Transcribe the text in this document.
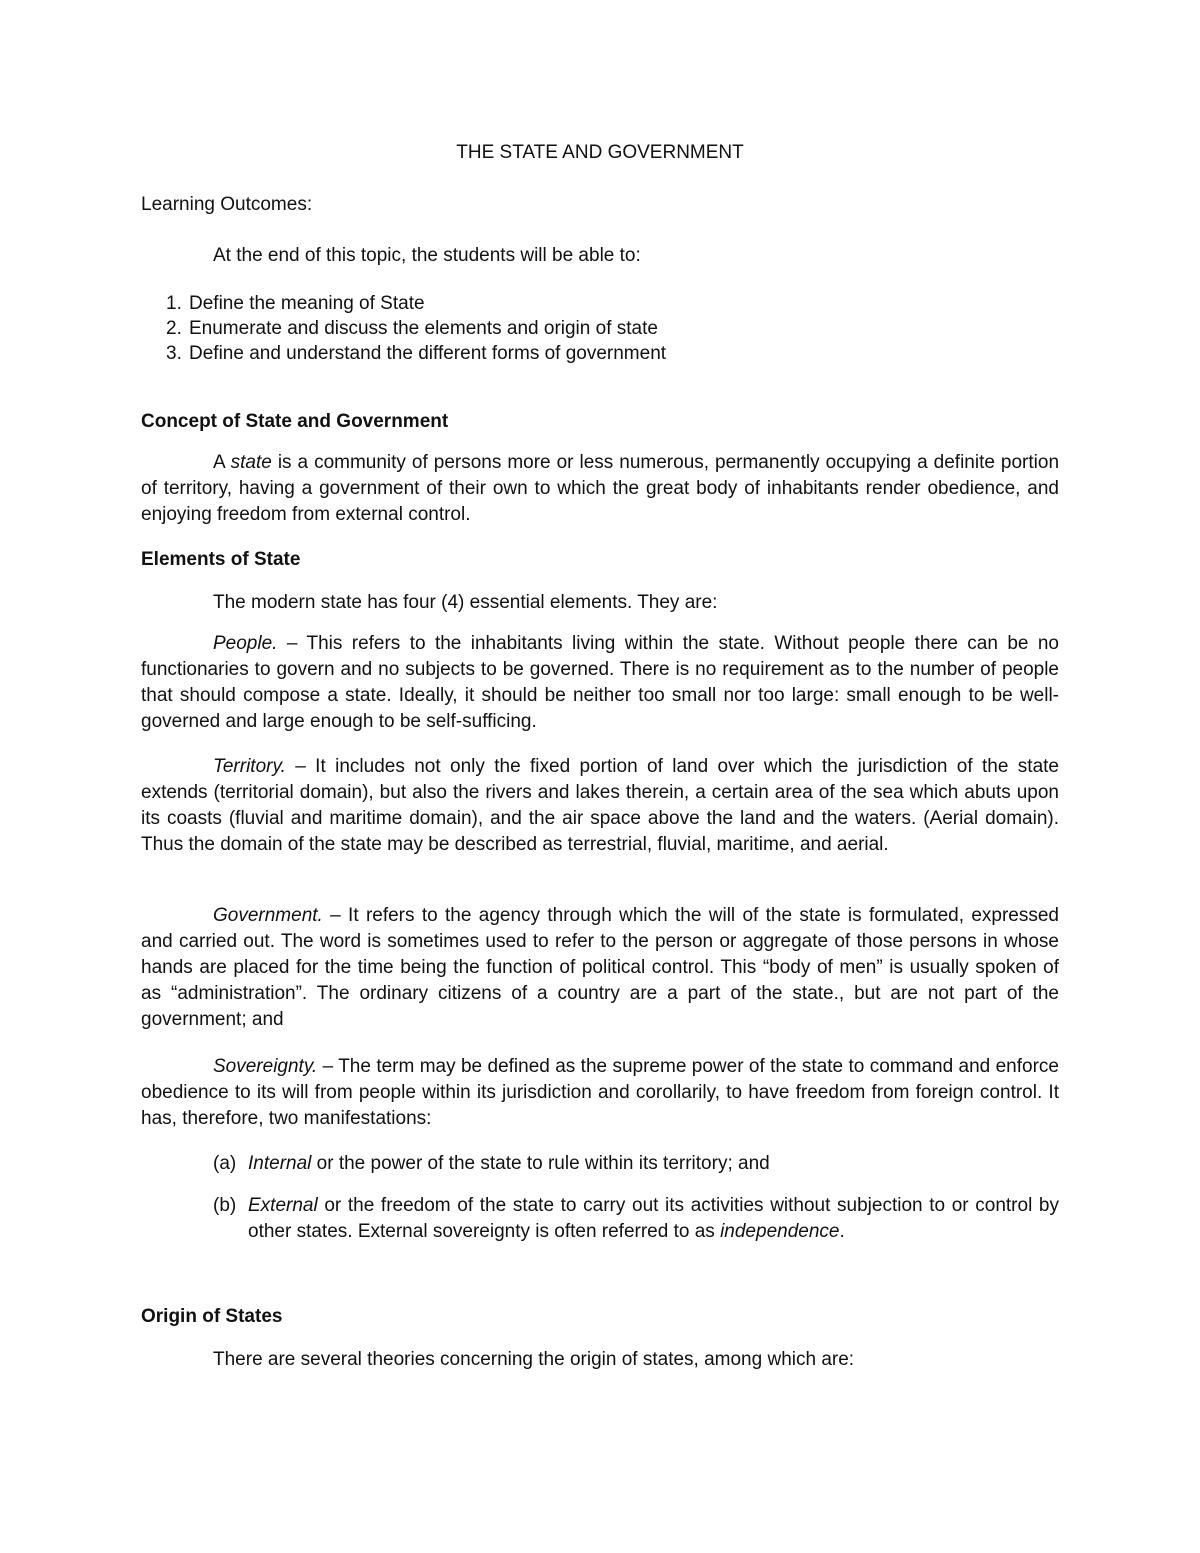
THE STATE AND GOVERNMENT
Learning Outcomes:
At the end of this topic, the students will be able to:
1. Define the meaning of State
2. Enumerate and discuss the elements and origin of state
3. Define and understand the different forms of government
Concept of State and Government
A state is a community of persons more or less numerous, permanently occupying a definite portion of territory, having a government of their own to which the great body of inhabitants render obedience, and enjoying freedom from external control.
Elements of State
The modern state has four (4) essential elements. They are:
People. – This refers to the inhabitants living within the state. Without people there can be no functionaries to govern and no subjects to be governed. There is no requirement as to the number of people that should compose a state. Ideally, it should be neither too small nor too large: small enough to be well-governed and large enough to be self-sufficing.
Territory. – It includes not only the fixed portion of land over which the jurisdiction of the state extends (territorial domain), but also the rivers and lakes therein, a certain area of the sea which abuts upon its coasts (fluvial and maritime domain), and the air space above the land and the waters. (Aerial domain). Thus the domain of the state may be described as terrestrial, fluvial, maritime, and aerial.
Government. – It refers to the agency through which the will of the state is formulated, expressed and carried out. The word is sometimes used to refer to the person or aggregate of those persons in whose hands are placed for the time being the function of political control. This “body of men” is usually spoken of as “administration”. The ordinary citizens of a country are a part of the state., but are not part of the government; and
Sovereignty. – The term may be defined as the supreme power of the state to command and enforce obedience to its will from people within its jurisdiction and corollarily, to have freedom from foreign control. It has, therefore, two manifestations:
(a) Internal or the power of the state to rule within its territory; and
(b) External or the freedom of the state to carry out its activities without subjection to or control by other states. External sovereignty is often referred to as independence.
Origin of States
There are several theories concerning the origin of states, among which are:
